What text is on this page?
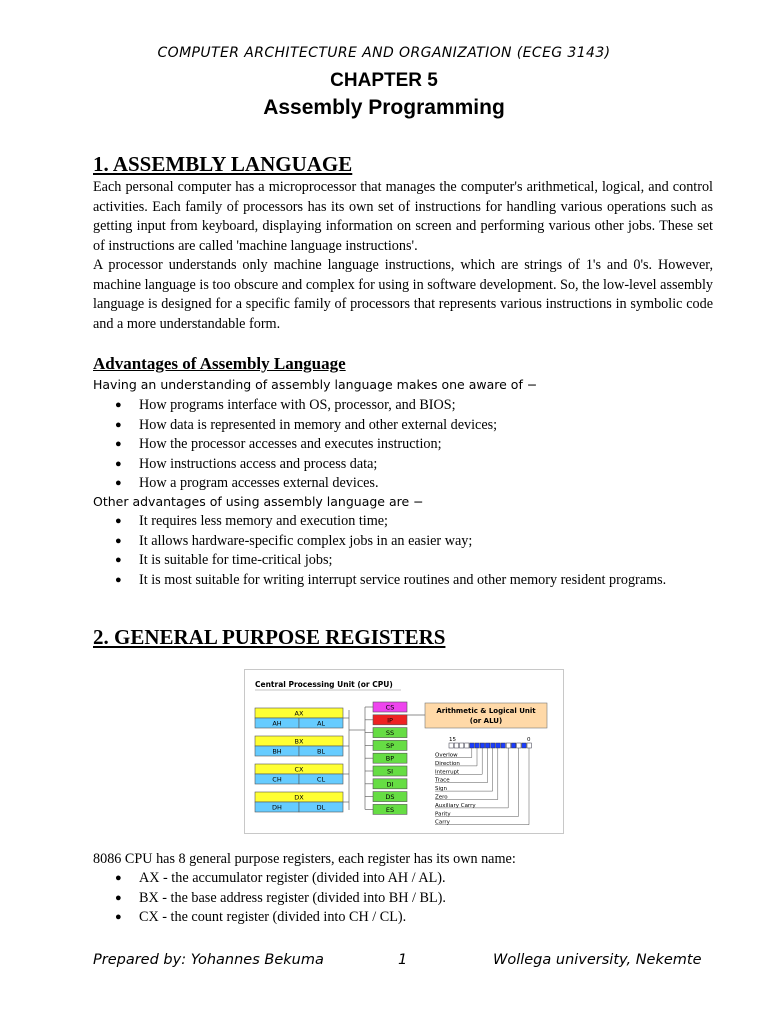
COMPUTER ARCHITECTURE AND ORGANIZATION (ECEG 3143)
CHAPTER 5
Assembly Programming
1. ASSEMBLY LANGUAGE
Each personal computer has a microprocessor that manages the computer's arithmetical, logical, and control activities. Each family of processors has its own set of instructions for handling various operations such as getting input from keyboard, displaying information on screen and performing various other jobs. These set of instructions are called 'machine language instructions'.
A processor understands only machine language instructions, which are strings of 1's and 0's. However, machine language is too obscure and complex for using in software development. So, the low-level assembly language is designed for a specific family of processors that represents various instructions in symbolic code and a more understandable form.
Advantages of Assembly Language
Having an understanding of assembly language makes one aware of −
● How programs interface with OS, processor, and BIOS;
● How data is represented in memory and other external devices;
● How the processor accesses and executes instruction;
● How instructions access and process data;
● How a program accesses external devices.
Other advantages of using assembly language are −
● It requires less memory and execution time;
● It allows hardware-specific complex jobs in an easier way;
● It is suitable for time-critical jobs;
● It is most suitable for writing interrupt service routines and other memory resident programs.
2. GENERAL PURPOSE REGISTERS
Central Processing Unit (or CPU)
AX
AH	AL
BX
BH	BL
CX
CH	CL
DX
DH	DL
CS
IP
SS
SP
BP
SI
DI
DS
ES
Arithmetic & Logical Unit
(or ALU)
15	0
Overlow
Direction
Interrupt
Trace
Sign
Zero
Auxiliary Carry
Parity
Carry
8086 CPU has 8 general purpose registers, each register has its own name:
● AX - the accumulator register (divided into AH / AL).
● BX - the base address register (divided into BH / BL).
● CX - the count register (divided into CH / CL).
Prepared by: Yohannes Bekuma	1	Wollega university, Nekemte
